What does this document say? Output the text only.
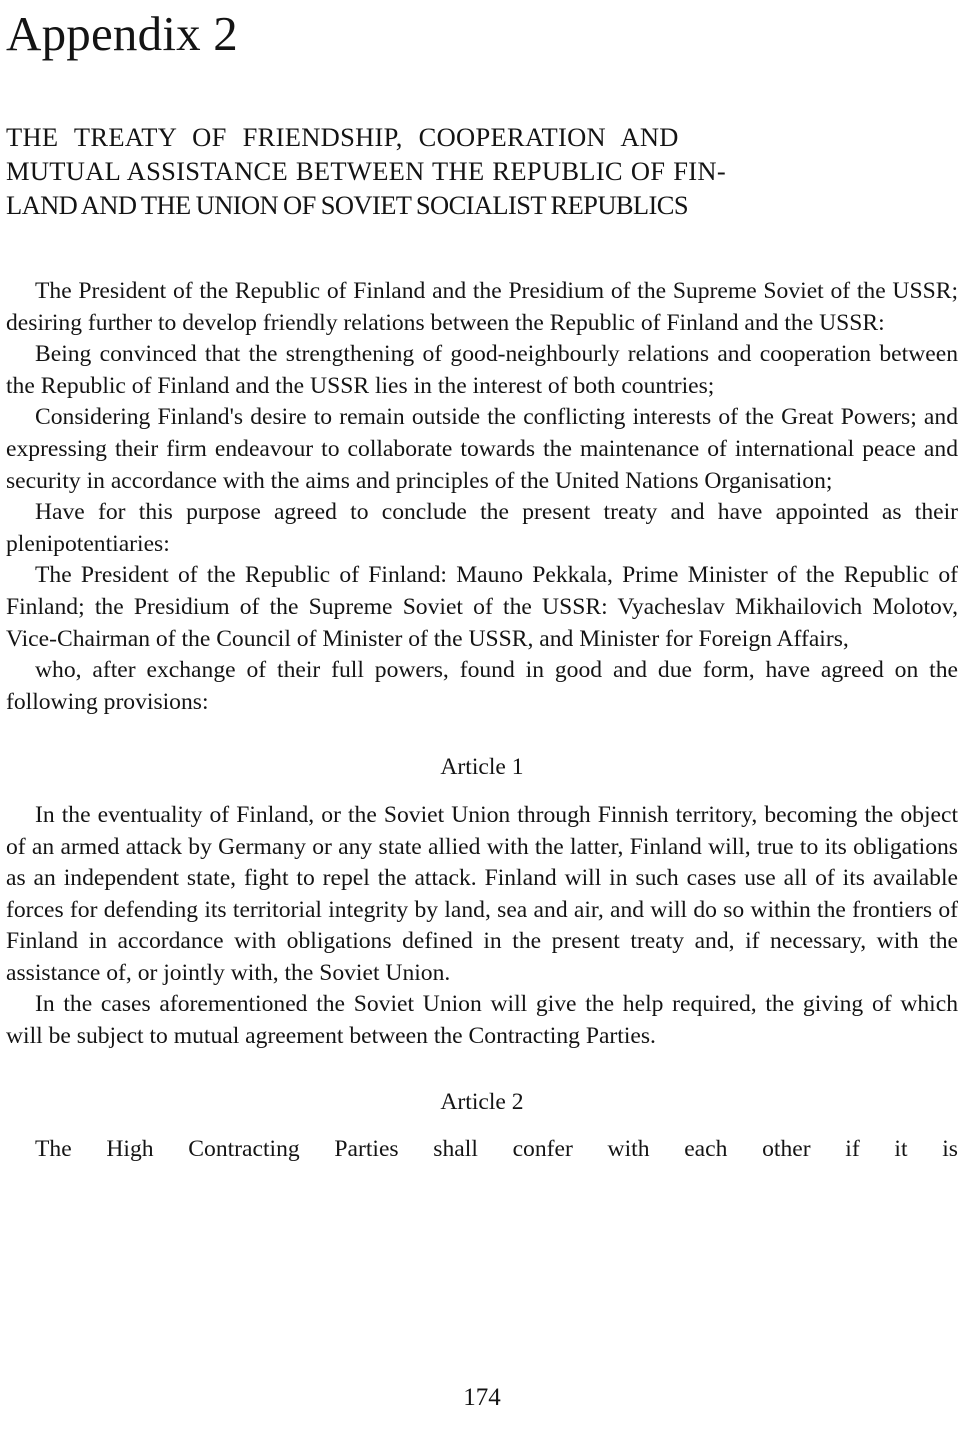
Appendix 2
THE TREATY OF FRIENDSHIP, COOPERATION AND
MUTUAL ASSISTANCE BETWEEN THE REPUBLIC OF FIN-
LAND AND THE UNION OF SOVIET SOCIALIST REPUBLICS

The President of the Republic of Finland and the Presidium of the Supreme Soviet of the USSR; desiring further to develop friendly relations between the Republic of Finland and the USSR:

Being convinced that the strengthening of good-neighbourly relations and cooperation between the Republic of Finland and the USSR lies in the interest of both countries;

Considering Finland's desire to remain outside the conflicting interests of the Great Powers; and expressing their firm endeavour to collaborate towards the maintenance of international peace and security in accordance with the aims and principles of the United Nations Organisation;

Have for this purpose agreed to conclude the present treaty and have appointed as their plenipotentiaries:

The President of the Republic of Finland: Mauno Pekkala, Prime Minister of the Republic of Finland; the Presidium of the Supreme Soviet of the USSR: Vyacheslav Mikhailovich Molotov, Vice-Chairman of the Council of Minister of the USSR, and Minister for Foreign Affairs,

who, after exchange of their full powers, found in good and due form, have agreed on the following provisions:

Article 1

In the eventuality of Finland, or the Soviet Union through Finnish territory, becoming the object of an armed attack by Germany or any state allied with the latter, Finland will, true to its obligations as an independent state, fight to repel the attack. Finland will in such cases use all of its available forces for defending its territorial integrity by land, sea and air, and will do so within the frontiers of Finland in accordance with obligations defined in the present treaty and, if necessary, with the assistance of, or jointly with, the Soviet Union.

In the cases aforementioned the Soviet Union will give the help required, the giving of which will be subject to mutual agreement between the Contracting Parties.

Article 2

The High Contracting Parties shall confer with each other if it is

174
